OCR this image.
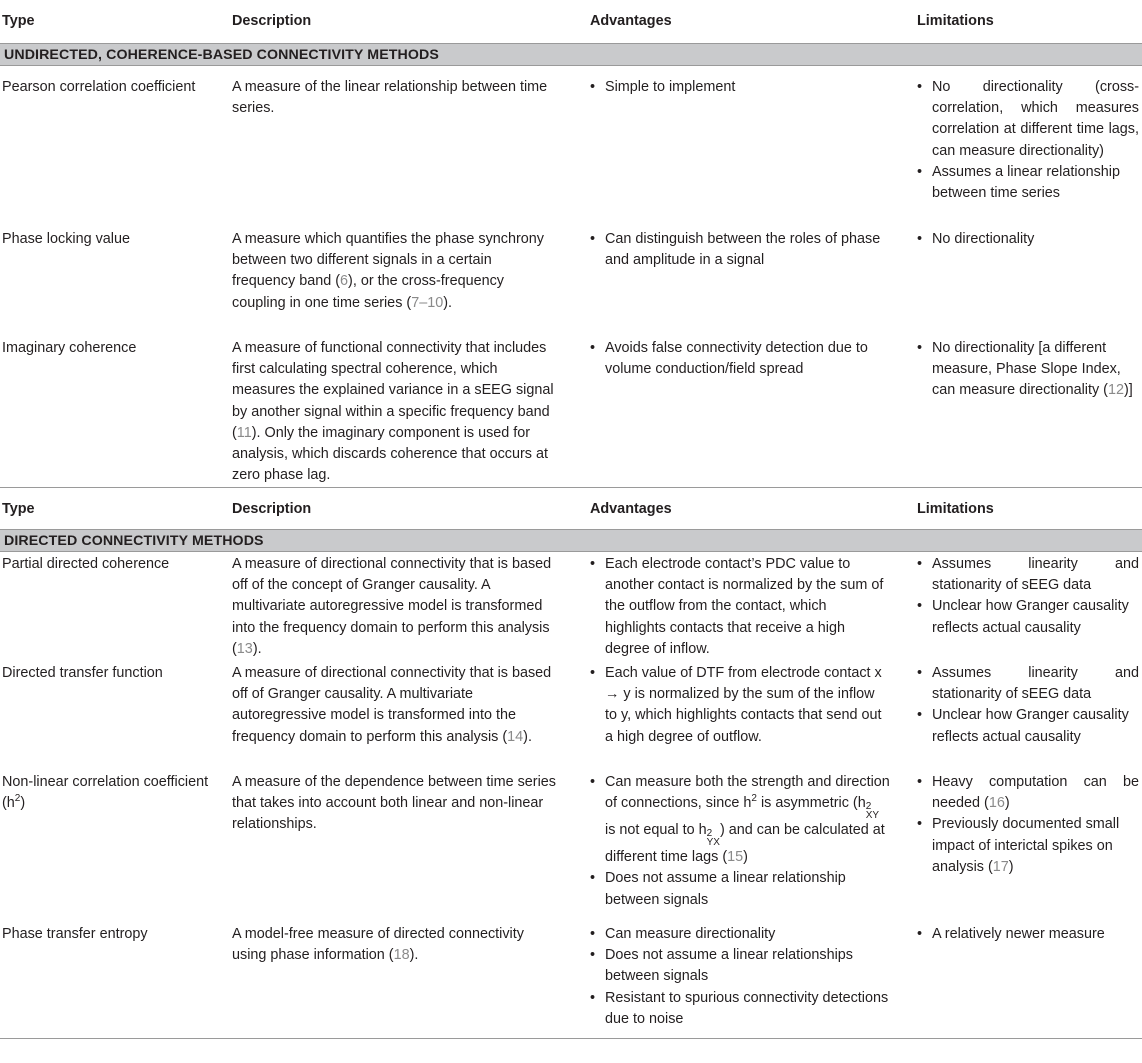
Type	Description	Advantages	Limitations
UNDIRECTED, COHERENCE-BASED CONNECTIVITY METHODS
Pearson correlation coefficient	A measure of the linear relationship between time series.
• Simple to implement
•	No directionality (cross-correlation, which measures correlation at different time lags, can measure directionality)
• Assumes a linear relationship between time series
Phase locking value	A measure which quantifies the phase synchrony between two different signals in a certain frequency band (6), or the cross-frequency coupling in one time series (7–10).
• Can distinguish between the roles of phase and amplitude in a signal
• No directionality
Imaginary coherence	A measure of functional connectivity that includes first calculating spectral coherence, which measures the explained variance in a sEEG signal by another signal within a specific frequency band (11). Only the imaginary component is used for analysis, which discards coherence that occurs at zero phase lag.
• Avoids false connectivity detection due to volume conduction/field spread
• No directionality [a different measure, Phase Slope Index, can measure directionality (12)]
Type	Description	Advantages	Limitations
DIRECTED CONNECTIVITY METHODS
Partial directed coherence	A measure of directional connectivity that is based off of the concept of Granger causality. A multivariate autoregressive model is transformed into the frequency domain to perform this analysis (13).
• Each electrode contact’s PDC value to another contact is normalized by the sum of the outflow from the contact, which highlights contacts that receive a high degree of inflow.
• Assumes linearity and stationarity of sEEG data
• Unclear how Granger causality reflects actual causality
Directed transfer function	A measure of directional connectivity that is based off of Granger causality. A multivariate autoregressive model is transformed into the frequency domain to perform this analysis (14).
• Each value of DTF from electrode contact x → y is normalized by the sum of the inflow to y, which highlights contacts that send out a high degree of outflow.
• Assumes linearity and stationarity of sEEG data
• Unclear how Granger causality reflects actual causality
Non-linear correlation coefficient $(h^2)$
A measure of the dependence between time series that takes into account both linear and non-linear relationships.
• Can measure both the strength and direction of connections, since $h^2$ is asymmetric (h 2
XY
is not equal to h 2
YX
) and can be calculated at different time lags (15)
• Does not assume a linear relationship between signals
• Heavy computation can be needed (16)
• Previously documented small impact of interictal spikes on analysis (17)
Phase transfer entropy	A model-free measure of directed connectivity using phase information (18).
• Can measure directionality
• Does not assume a linear relationships between signals
• Resistant to spurious connectivity detections due to noise
• A relatively newer measure
